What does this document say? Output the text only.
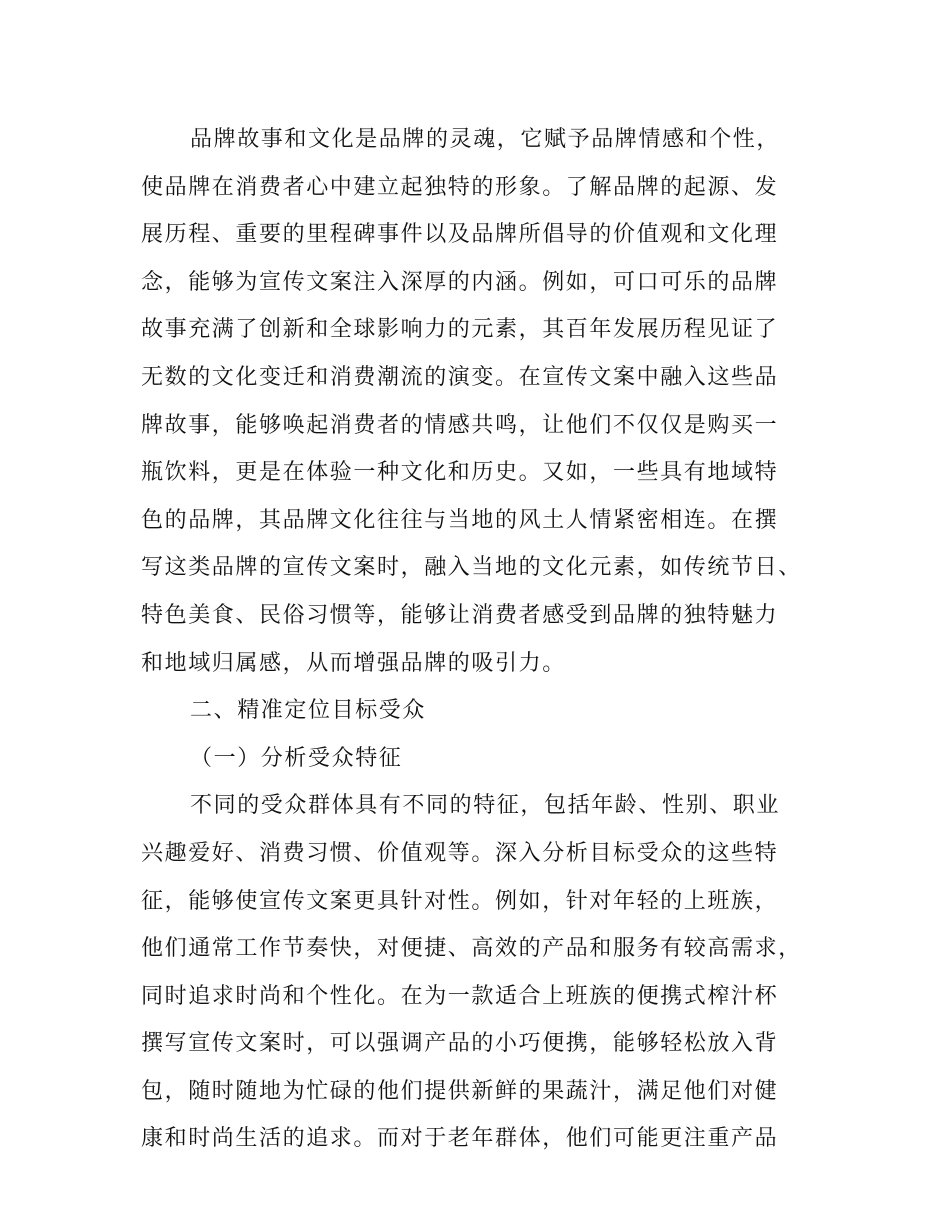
品牌故事和文化是品牌的灵魂，它赋予品牌情感和个性，
使品牌在消费者心中建立起独特的形象。了解品牌的起源、发
展历程、重要的里程碑事件以及品牌所倡导的价值观和文化理
念，能够为宣传文案注入深厚的内涵。例如，可口可乐的品牌
故事充满了创新和全球影响力的元素，其百年发展历程见证了
无数的文化变迁和消费潮流的演变。在宣传文案中融入这些品
牌故事，能够唤起消费者的情感共鸣，让他们不仅仅是购买一
瓶饮料，更是在体验一种文化和历史。又如，一些具有地域特
色的品牌，其品牌文化往往与当地的风土人情紧密相连。在撰
写这类品牌的宣传文案时，融入当地的文化元素，如传统节日、
特色美食、民俗习惯等，能够让消费者感受到品牌的独特魅力
和地域归属感，从而增强品牌的吸引力。
二、精准定位目标受众
（一）分析受众特征
不同的受众群体具有不同的特征，包括年龄、性别、职业
兴趣爱好、消费习惯、价值观等。深入分析目标受众的这些特
征，能够使宣传文案更具针对性。例如，针对年轻的上班族，
他们通常工作节奏快，对便捷、高效的产品和服务有较高需求，
同时追求时尚和个性化。在为一款适合上班族的便携式榨汁杯
撰写宣传文案时，可以强调产品的小巧便携，能够轻松放入背
包，随时随地为忙碌的他们提供新鲜的果蔬汁，满足他们对健
康和时尚生活的追求。而对于老年群体，他们可能更注重产品
